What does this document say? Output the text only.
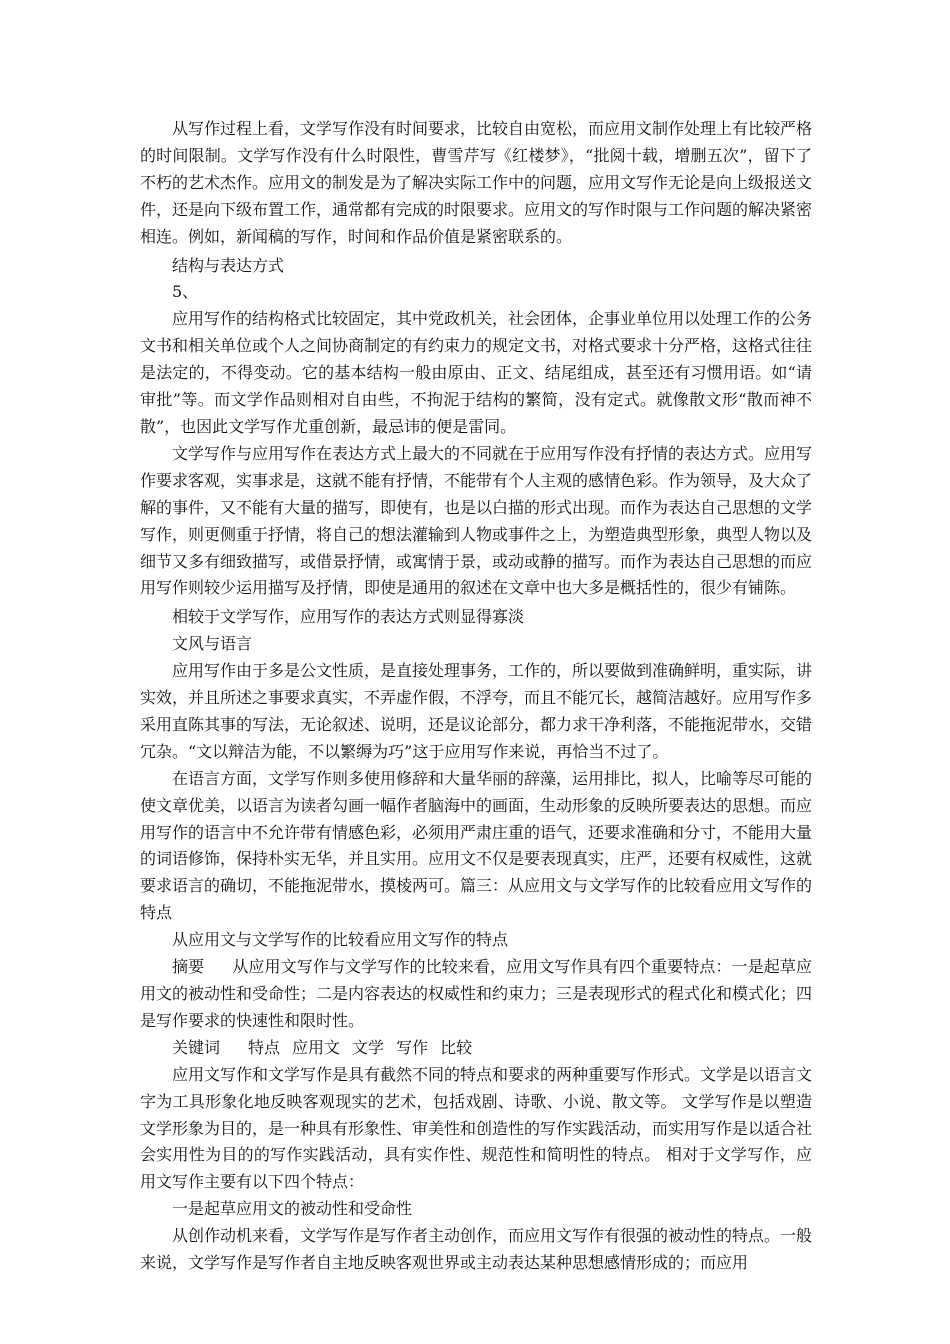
从写作过程上看，文学写作没有时间要求，比较自由宽松，而应用文制作处理上有比较严格的时间限制。文学写作没有什么时限性，曹雪芹写《红楼梦》，“批阅十载，增删五次”，留下了不朽的艺术杰作。应用文的制发是为了解决实际工作中的问题，应用文写作无论是向上级报送文件，还是向下级布置工作，通常都有完成的时限要求。应用文的写作时限与工作问题的解决紧密相连。例如，新闻稿的写作，时间和作品价值是紧密联系的。

结构与表达方式

5、

应用写作的结构格式比较固定，其中党政机关，社会团体，企事业单位用以处理工作的公务文书和相关单位或个人之间协商制定的有约束力的规定文书，对格式要求十分严格，这格式往往是法定的，不得变动。它的基本结构一般由原由、正文、结尾组成，甚至还有习惯用语。如“请审批”等。而文学作品则相对自由些，不拘泥于结构的繁简，没有定式。就像散文形“散而神不散”，也因此文学写作尤重创新，最忌讳的便是雷同。

文学写作与应用写作在表达方式上最大的不同就在于应用写作没有抒情的表达方式。应用写作要求客观，实事求是，这就不能有抒情，不能带有个人主观的感情色彩。作为领导，及大众了解的事件，又不能有大量的描写，即使有，也是以白描的形式出现。而作为表达自己思想的文学写作，则更侧重于抒情，将自己的想法灌输到人物或事件之上，为塑造典型形象，典型人物以及细节又多有细致描写，或借景抒情，或寓情于景，或动或静的描写。而作为表达自己思想的而应用写作则较少运用描写及抒情，即使是通用的叙述在文章中也大多是概括性的，很少有铺陈。

相较于文学写作，应用写作的表达方式则显得寡淡

文风与语言

应用写作由于多是公文性质，是直接处理事务，工作的，所以要做到准确鲜明，重实际，讲实效，并且所述之事要求真实，不弄虚作假，不浮夸，而且不能冗长，越简洁越好。应用写作多采用直陈其事的写法，无论叙述、说明，还是议论部分，都力求干净利落，不能拖泥带水，交错冗杂。“文以辩洁为能，不以繁缛为巧”这于应用写作来说，再恰当不过了。

在语言方面，文学写作则多使用修辞和大量华丽的辞藻，运用排比，拟人，比喻等尽可能的使文章优美，以语言为读者勾画一幅作者脑海中的画面，生动形象的反映所要表达的思想。而应用写作的语言中不允许带有情感色彩，必须用严肃庄重的语气，还要求准确和分寸，不能用大量的词语修饰，保持朴实无华，并且实用。应用文不仅是要表现真实，庄严，还要有权威性，这就要求语言的确切，不能拖泥带水，摸棱两可。篇三：从应用文与文学写作的比较看应用文写作的特点

从应用文与文学写作的比较看应用文写作的特点

摘要 从应用文写作与文学写作的比较来看，应用文写作具有四个重要特点：一是起草应用文的被动性和受命性；二是内容表达的权威性和约束力；三是表现形式的程式化和模式化；四是写作要求的快速性和限时性。

关键词 特点 应用文 文学 写作 比较

应用文写作和文学写作是具有截然不同的特点和要求的两种重要写作形式。文学是以语言文字为工具形象化地反映客观现实的艺术，包括戏剧、诗歌、小说、散文等。 文学写作是以塑造文学形象为目的，是一种具有形象性、审美性和创造性的写作实践活动，而实用写作是以适合社会实用性为目的的写作实践活动，具有实作性、规范性和简明性的特点。 相对于文学写作，应用文写作主要有以下四个特点：

一是起草应用文的被动性和受命性

从创作动机来看，文学写作是写作者主动创作，而应用文写作有很强的被动性的特点。一般来说，文学写作是写作者自主地反映客观世界或主动表达某种思想感情形成的；而应用
